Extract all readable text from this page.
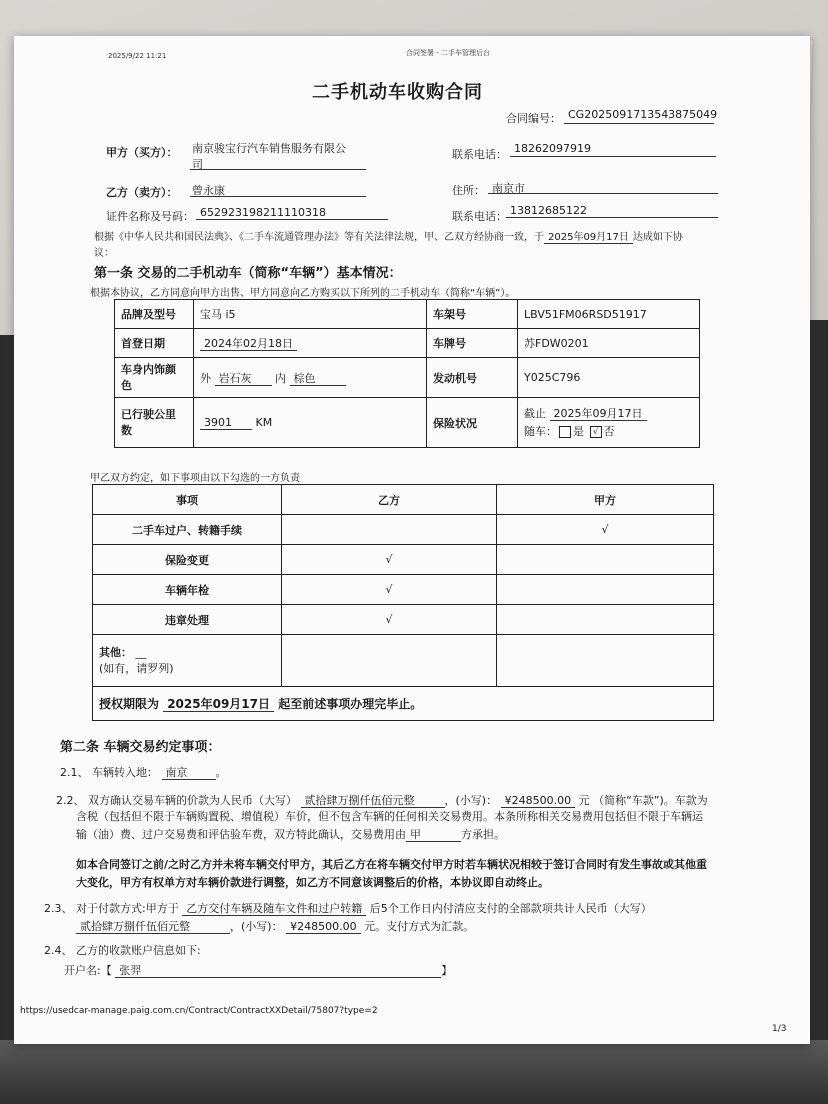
2025/9/22 11:21	合同签署 - 二手车管理后台
二手机动车收购合同
合同编号： CG2025091713543875049
甲方（买方）： 南京骏宝行汽车销售服务有限公
司
联系电话： 18262097919
乙方（卖方）： 曾永康	住所： 南京市
证件名称及号码： 652923198211110318	联系电话： 13812685122
根据《中华人民共和国民法典》、《二手车流通管理办法》等有关法律法规，甲、乙双方经协商一致，于 2025年09月17日 达成如下协
议：
第一条 交易的二手机动车（简称“车辆”）基本情况：
根据本协议，乙方同意向甲方出售、甲方同意向乙方购买以下所列的二手机动车（简称“车辆”）。
品牌及型号	宝马 i5	车架号	LBV51FM06RSD51917
首登日期	2024年02月18日	车牌号	苏FDW0201
车身内饰颜
色	外 岩石灰 内 棕色	发动机号	Y025C796
已行驶公里
数	3901 KM	保险状况	截止 2025年09月17日
随车： 是 √ 否
甲乙双方约定，如下事项由以下勾选的一方负责
事项	乙方	甲方
二手车过户、转籍手续		√
保险变更	√	
车辆年检	√	
违章处理	√	
其他： __
(如有，请罗列)		
授权期限为 2025年09月17日 起至前述事项办理完毕止。		
第二条 车辆交易约定事项：
2.1、 车辆转入地： 南京	。
2.2、 双方确认交易车辆的价款为人民币（大写） 贰拾肆万捌仟伍佰元整	，(小写)： ¥248500.00 元 （简称“车款”)。车款为
含税（包括但不限于车辆购置税、增值税）车价，但不包含车辆的任何相关交易费用。本条所称相关交易费用包括但不限于车辆运
输（油）费、过户交易费和评估验车费，双方特此确认，交易费用由 甲	方承担。
如本合同签订之前/之时乙方并未将车辆交付甲方，其后乙方在将车辆交付甲方时若车辆状况相较于签订合同时有发生事故或其他重
大变化，甲方有权单方对车辆价款进行调整，如乙方不同意该调整后的价格，本协议即自动终止。
2.3、 对于付款方式:甲方于 乙方交付车辆及随车文件和过户转籍 后5个工作日内付清应支付的全部款项共计人民币（大写）
贰拾肆万捌仟伍佰元整	，(小写)： ¥248500.00 元。支付方式为汇款。
2.4、 乙方的收款账户信息如下:
开户名:【 张羿	】
https://usedcar-manage.paig.com.cn/Contract/ContractXXDetail/75807?type=2
1/3
